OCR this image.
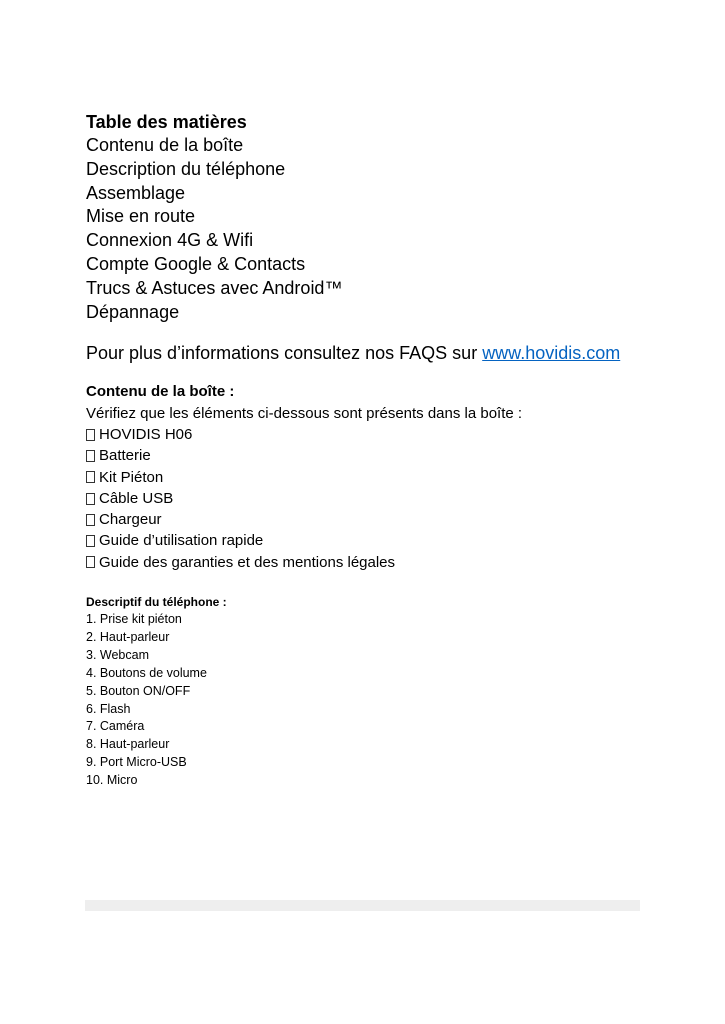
Table des matières

Contenu de la boîte
Description du téléphone
Assemblage
Mise en route
Connexion 4G & Wifi
Compte Google & Contacts
Trucs & Astuces avec Android™
Dépannage
Pour plus d’informations consultez nos FAQS sur www.hovidis.com

Contenu de la boîte :

Vérifiez que les éléments ci-dessous sont présents dans la boîte :

HOVIDIS H06
Batterie
Kit Piéton
Câble USB
Chargeur
Guide d’utilisation rapide
Guide des garanties et des mentions légales

Descriptif du téléphone :

1. Prise kit piéton
2. Haut-parleur
3. Webcam
4. Boutons de volume
5. Bouton ON/OFF
6. Flash
7. Caméra
8. Haut-parleur
9. Port Micro-USB
10. Micro
